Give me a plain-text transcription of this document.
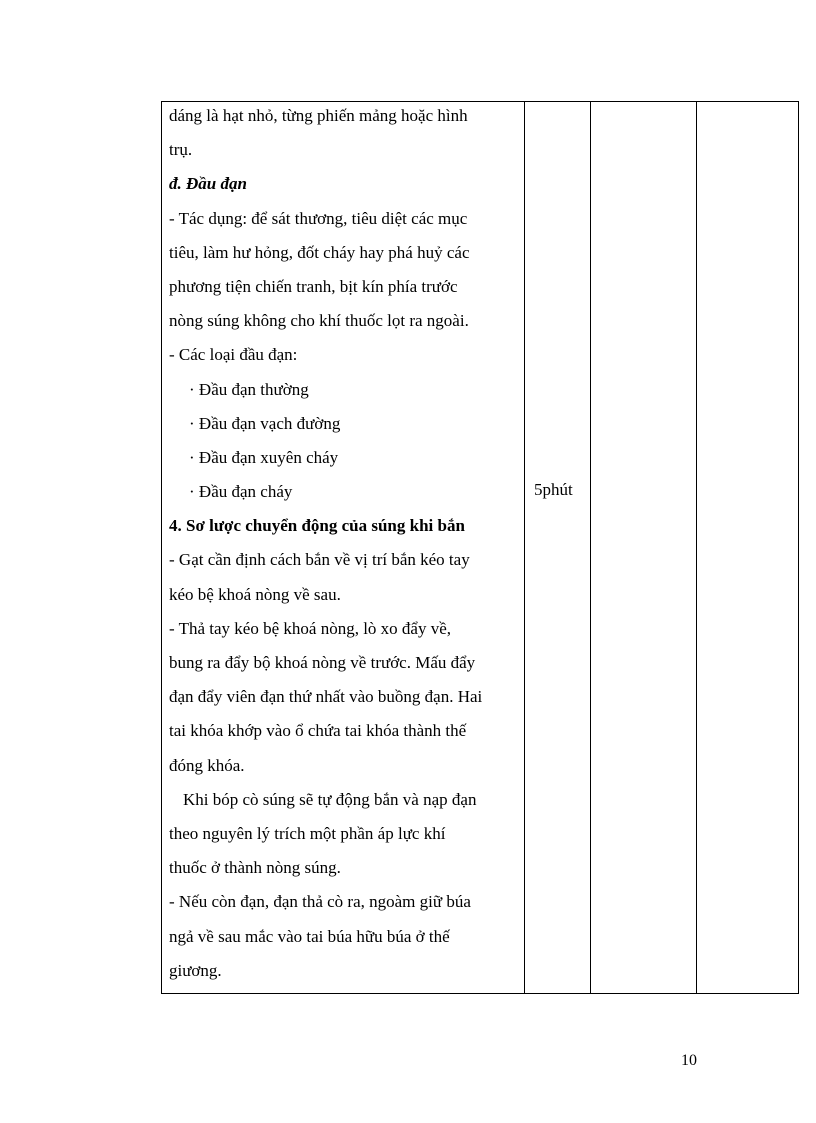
dáng là hạt nhỏ, từng phiến mảng hoặc hình
trụ.
đ. Đầu đạn
- Tác dụng: để sát thương, tiêu diệt các mục
tiêu, làm hư hỏng, đốt cháy hay phá huỷ các
phương tiện chiến tranh, bịt kín phía trước
nòng súng không cho khí thuốc lọt ra ngoài.
- Các loại đầu đạn:
· Đầu đạn thường
· Đầu đạn vạch đường
· Đầu đạn xuyên cháy
· Đầu đạn cháy
4. Sơ lược chuyển động của súng khi bắn
- Gạt cần định cách bắn về vị trí bắn kéo tay
kéo bệ khoá nòng về sau.
- Thả tay kéo bệ khoá nòng, lò xo đẩy về,
bung ra đẩy bộ khoá nòng về trước. Mấu đẩy
đạn đẩy viên đạn thứ nhất vào buồng đạn. Hai
tai khóa khớp vào ổ chứa tai khóa thành thế
đóng khóa.
Khi bóp cò súng sẽ tự động bắn và nạp đạn
theo nguyên lý trích một phần áp lực khí
thuốc ở thành nòng súng.
- Nếu còn đạn, đạn thả cò ra, ngoàm giữ búa
ngả về sau mắc vào tai búa hữu búa ở thế
giương.
5phút
10
